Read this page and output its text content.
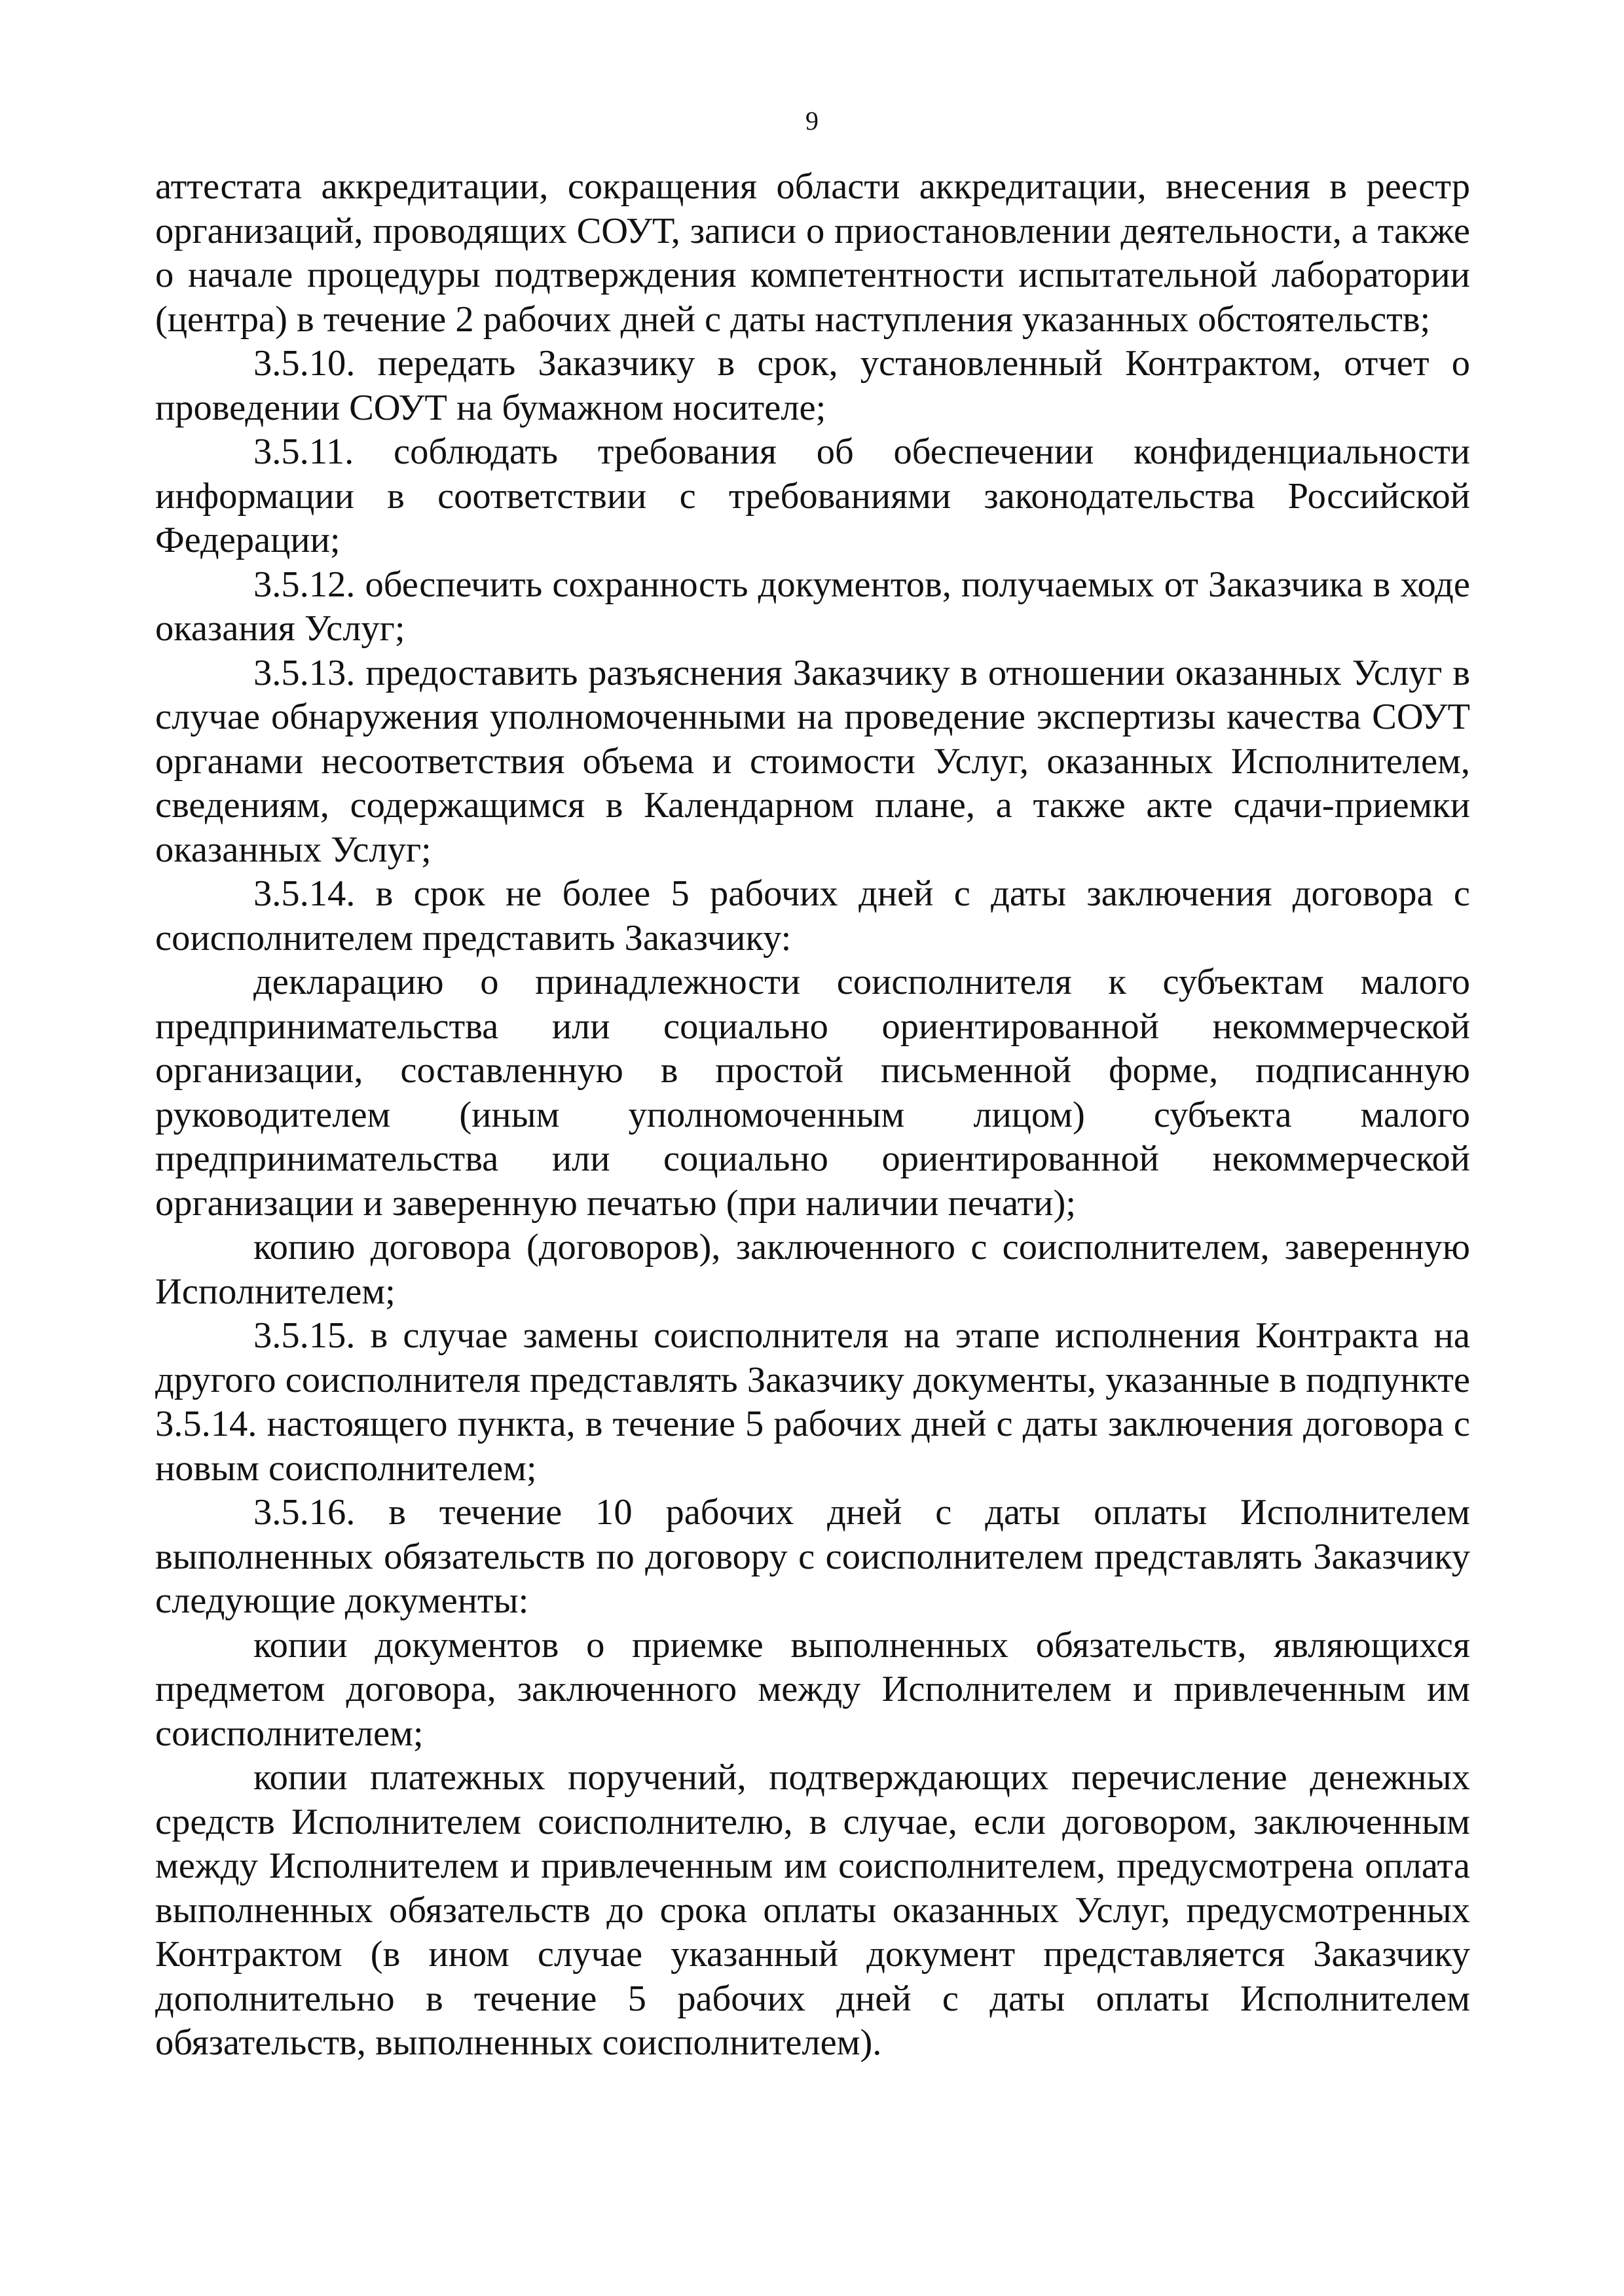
9

аттестата аккредитации, сокращения области аккредитации, внесения в реестр организаций, проводящих СОУТ, записи о приостановлении деятельности, а также о начале процедуры подтверждения компетентности испытательной лаборатории (центра) в течение 2 рабочих дней с даты наступления указанных обстоятельств;

3.5.10. передать Заказчику в срок, установленный Контрактом, отчет о проведении СОУТ на бумажном носителе;

3.5.11. соблюдать требования об обеспечении конфиденциальности информации в соответствии с требованиями законодательства Российской Федерации;

3.5.12. обеспечить сохранность документов, получаемых от Заказчика в ходе оказания Услуг;

3.5.13. предоставить разъяснения Заказчику в отношении оказанных Услуг в случае обнаружения уполномоченными на проведение экспертизы качества СОУТ органами несоответствия объема и стоимости Услуг, оказанных Исполнителем, сведениям, содержащимся в Календарном плане, а также акте сдачи-приемки оказанных Услуг;

3.5.14. в срок не более 5 рабочих дней с даты заключения договора с соисполнителем представить Заказчику:

декларацию о принадлежности соисполнителя к субъектам малого предпринимательства или социально ориентированной некоммерческой организации, составленную в простой письменной форме, подписанную руководителем (иным уполномоченным лицом) субъекта малого предпринимательства или социально ориентированной некоммерческой организации и заверенную печатью (при наличии печати);

копию договора (договоров), заключенного с соисполнителем, заверенную Исполнителем;

3.5.15. в случае замены соисполнителя на этапе исполнения Контракта на другого соисполнителя представлять Заказчику документы, указанные в подпункте 3.5.14. настоящего пункта, в течение 5 рабочих дней с даты заключения договора с новым соисполнителем;

3.5.16. в течение 10 рабочих дней с даты оплаты Исполнителем выполненных обязательств по договору с соисполнителем представлять Заказчику следующие документы:

копии документов о приемке выполненных обязательств, являющихся предметом договора, заключенного между Исполнителем и привлеченным им соисполнителем;

копии платежных поручений, подтверждающих перечисление денежных средств Исполнителем соисполнителю, в случае, если договором, заключенным между Исполнителем и привлеченным им соисполнителем, предусмотрена оплата выполненных обязательств до срока оплаты оказанных Услуг, предусмотренных Контрактом (в ином случае указанный документ представляется Заказчику дополнительно в течение 5 рабочих дней с даты оплаты Исполнителем обязательств, выполненных соисполнителем).
